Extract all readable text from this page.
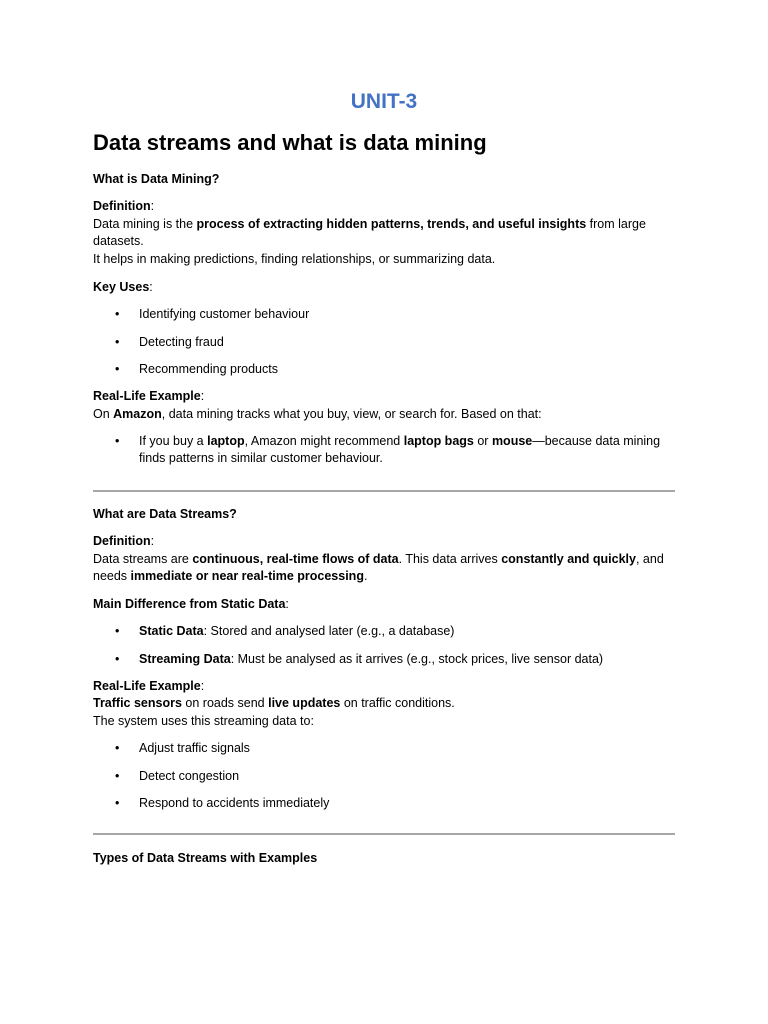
UNIT-3
Data streams and what is data mining

What is Data Mining?

Definition:

Data mining is the process of extracting hidden patterns, trends, and useful insights from large datasets.

It helps in making predictions, finding relationships, or summarizing data.

Key Uses:

• Identifying customer behaviour
• Detecting fraud
• Recommending products

Real-Life Example:

On Amazon, data mining tracks what you buy, view, or search for. Based on that:

• If you buy a laptop, Amazon might recommend laptop bags or mouse—because data mining finds patterns in similar customer behaviour.

What are Data Streams?

Definition:

Data streams are continuous, real-time flows of data. This data arrives constantly and quickly, and needs immediate or near real-time processing.

Main Difference from Static Data:

• Static Data: Stored and analysed later (e.g., a database)
• Streaming Data: Must be analysed as it arrives (e.g., stock prices, live sensor data)

Real-Life Example:

Traffic sensors on roads send live updates on traffic conditions.

The system uses this streaming data to:

• Adjust traffic signals
• Detect congestion
• Respond to accidents immediately

Types of Data Streams with Examples
